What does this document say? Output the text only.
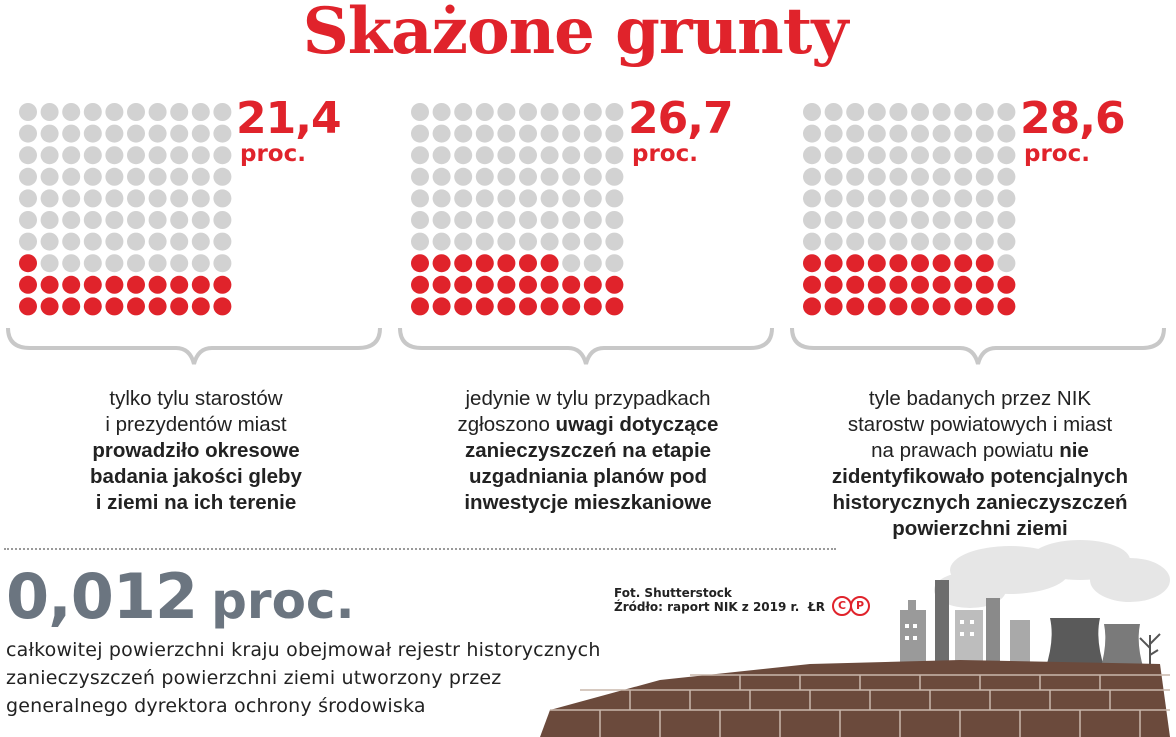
Skażone grunty
21,4
proc.
tylko tylu starostów
i prezydentów miast
prowadziło okresowe
badania jakości gleby
i ziemi na ich terenie
26,7
proc.
jedynie w tylu przypadkach
zgłoszono uwagi dotyczące
zanieczyszczeń na etapie
uzgadniania planów pod
inwestycje mieszkaniowe
28,6
proc.
tyle badanych przez NIK
starostw powiatowych i miast
na prawach powiatu nie
zidentyfikowało potencjalnych
historycznych zanieczyszczeń
powierzchni ziemi
0,012 proc.
całkowitej powierzchni kraju obejmował rejestr historycznych
zanieczyszczeń powierzchni ziemi utworzony przez
generalnego dyrektora ochrony środowiska
Fot. Shutterstock
Źródło: raport NIK z 2019 r. ŁR	C P
